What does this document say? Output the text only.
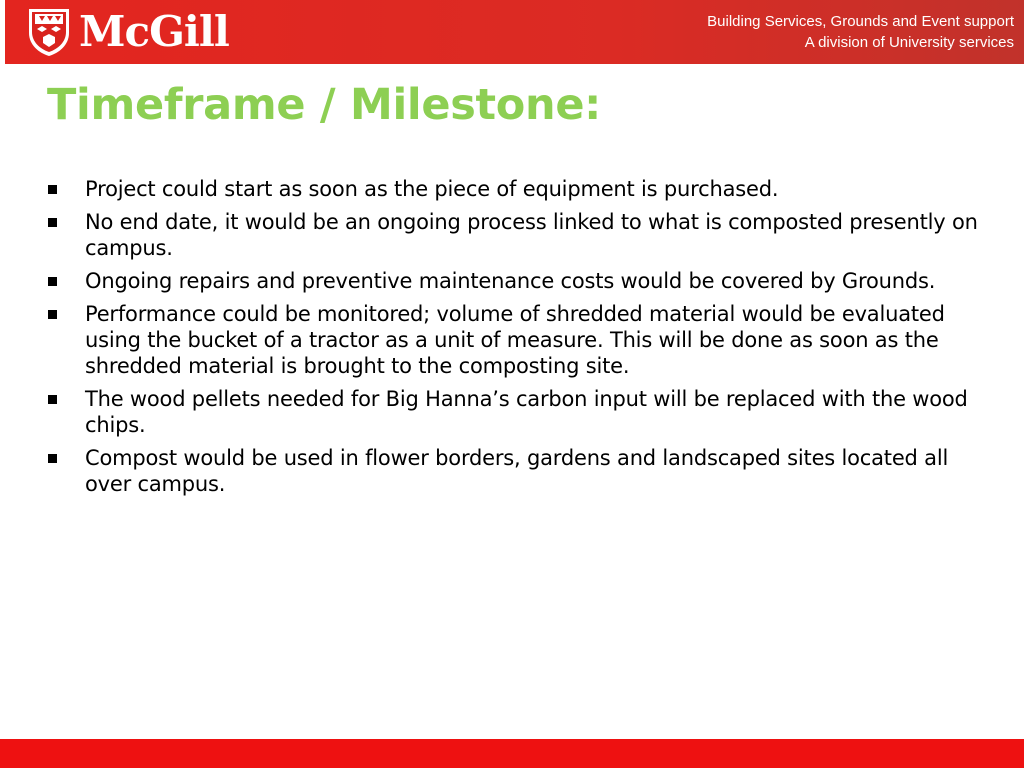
McGill	Building Services, Grounds and Event support
A division of University services
Timeframe / Milestone:
Project could start as soon as the piece of equipment is purchased.
No end date, it would be an ongoing process linked to what is composted presently on campus.
Ongoing repairs and preventive maintenance costs would be covered by Grounds.
Performance could be monitored; volume of shredded material would be evaluated using the bucket of a tractor as a unit of measure. This will be done as soon as the shredded material is brought to the composting site.
The wood pellets needed for Big Hanna’s carbon input will be replaced with the wood chips.
Compost would be used in flower borders, gardens and landscaped sites located all over campus.
